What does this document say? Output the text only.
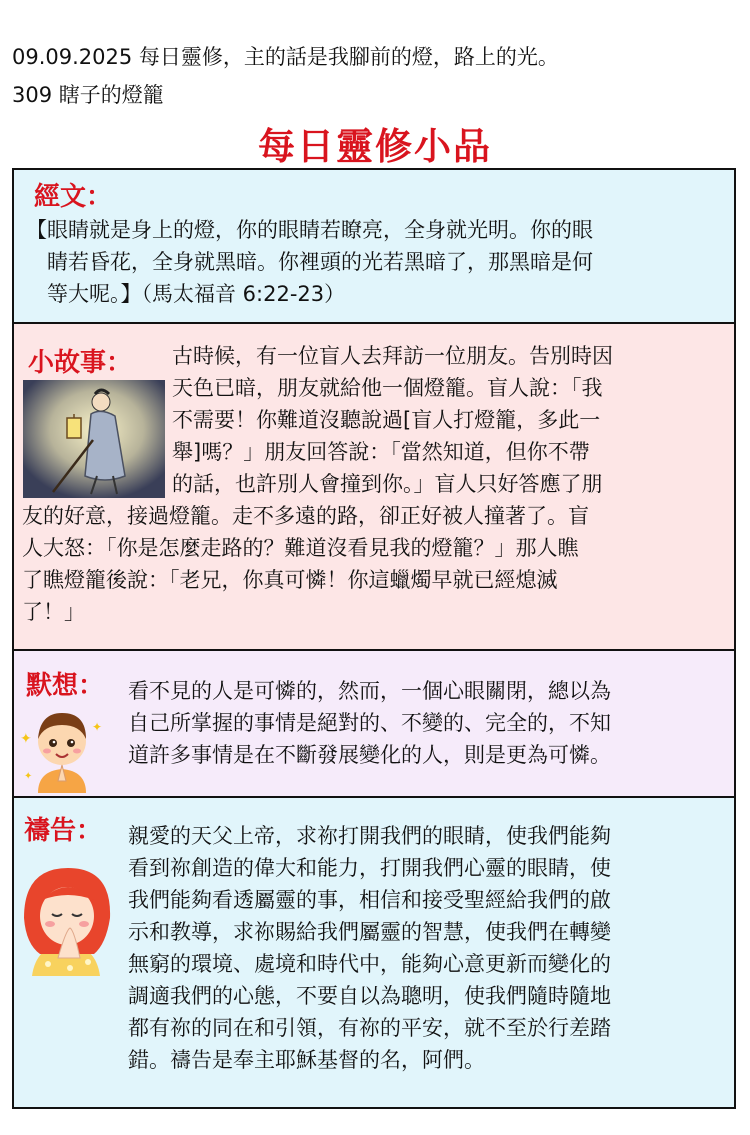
09.09.2025 每日靈修，主的話是我腳前的燈，路上的光。
309 瞎子的燈籠
每日靈修小品
經文：
【眼睛就是身上的燈，你的眼睛若瞭亮，全身就光明。你的眼
睛若昏花，全身就黑暗。你裡頭的光若黑暗了，那黑暗是何
等大呢。】（馬太福音 6:22-23）
小故事：	古時候，有一位盲人去拜訪一位朋友。告別時因
天色已暗，朋友就給他一個燈籠。盲人說：「我
不需要！你難道沒聽說過[盲人打燈籠，多此一
舉]嗎？」朋友回答說：「當然知道，但你不帶
的話，也許別人會撞到你。」盲人只好答應了朋
友的好意，接過燈籠。走不多遠的路，卻正好被人撞著了。盲
人大怒：「你是怎麼走路的？難道沒看見我的燈籠？」那人瞧
了瞧燈籠後說：「老兄，你真可憐！你這蠟燭早就已經熄滅
了！」
默想：
✦
✦
✦
看不見的人是可憐的，然而，一個心眼關閉，總以為
自己所掌握的事情是絕對的、不變的、完全的，不知
道許多事情是在不斷發展變化的人，則是更為可憐。
禱告： 親愛的天父上帝，求祢打開我們的眼睛，使我們能夠
看到祢創造的偉大和能力，打開我們心靈的眼睛，使
我們能夠看透屬靈的事，相信和接受聖經給我們的啟
示和教導，求祢賜給我們屬靈的智慧，使我們在轉變
無窮的環境、處境和時代中，能夠心意更新而變化的
調適我們的心態，不要自以為聰明，使我們隨時隨地
都有祢的同在和引領，有祢的平安，就不至於行差踏
錯。禱告是奉主耶穌基督的名，阿們。
